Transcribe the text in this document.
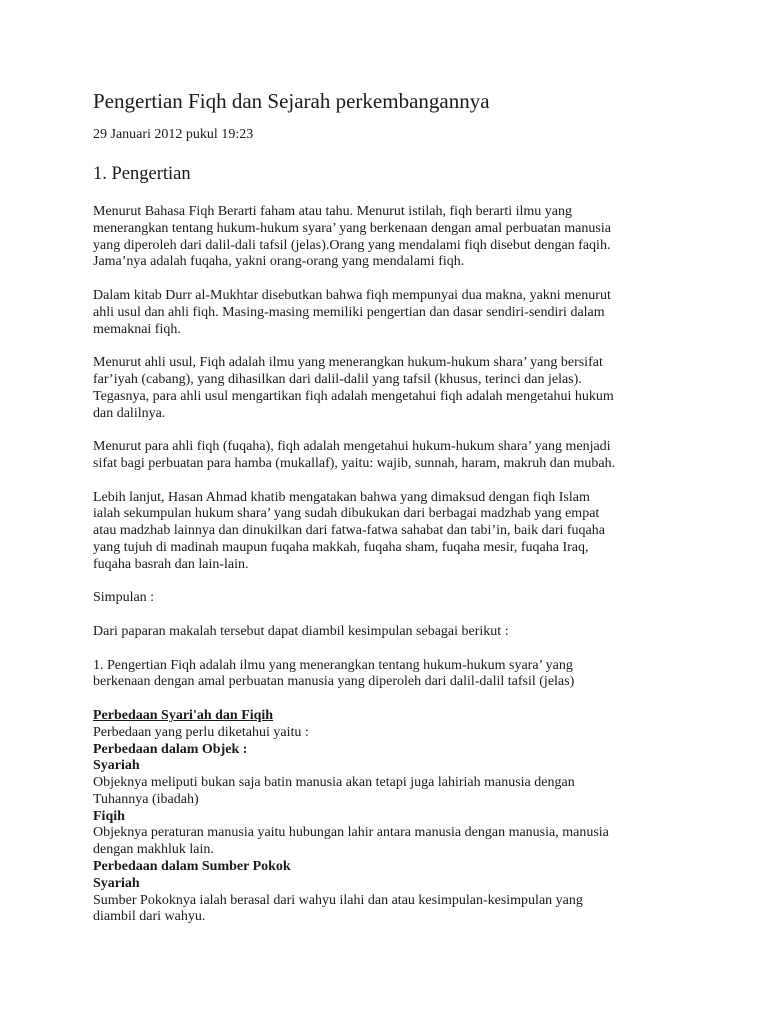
Pengertian Fiqh dan Sejarah perkembangannya

29 Januari 2012 pukul 19:23

1. Pengertian

Menurut Bahasa Fiqh Berarti faham atau tahu. Menurut istilah, fiqh berarti ilmu yang
menerangkan tentang hukum-hukum syara’ yang berkenaan dengan amal perbuatan manusia
yang diperoleh dari dalil-dali tafsil (jelas).Orang yang mendalami fiqh disebut dengan faqih.
Jama’nya adalah fuqaha, yakni orang-orang yang mendalami fiqh.

Dalam kitab Durr al-Mukhtar disebutkan bahwa fiqh mempunyai dua makna, yakni menurut
ahli usul dan ahli fiqh. Masing-masing memiliki pengertian dan dasar sendiri-sendiri dalam
memaknai fiqh.

Menurut ahli usul, Fiqh adalah ilmu yang menerangkan hukum-hukum shara’ yang bersifat
far’iyah (cabang), yang dihasilkan dari dalil-dalil yang tafsil (khusus, terinci dan jelas).
Tegasnya, para ahli usul mengartikan fiqh adalah mengetahui fiqh adalah mengetahui hukum
dan dalilnya.

Menurut para ahli fiqh (fuqaha), fiqh adalah mengetahui hukum-hukum shara’ yang menjadi
sifat bagi perbuatan para hamba (mukallaf), yaitu: wajib, sunnah, haram, makruh dan mubah.

Lebih lanjut, Hasan Ahmad khatib mengatakan bahwa yang dimaksud dengan fiqh Islam
ialah sekumpulan hukum shara’ yang sudah dibukukan dari berbagai madzhab yang empat
atau madzhab lainnya dan dinukilkan dari fatwa-fatwa sahabat dan tabi’in, baik dari fuqaha
yang tujuh di madinah maupun fuqaha makkah, fuqaha sham, fuqaha mesir, fuqaha Iraq,
fuqaha basrah dan lain-lain.

Simpulan :

Dari paparan makalah tersebut dapat diambil kesimpulan sebagai berikut :

1. Pengertian Fiqh adalah ilmu yang menerangkan tentang hukum-hukum syara’ yang
berkenaan dengan amal perbuatan manusia yang diperoleh dari dalil-dalil tafsil (jelas)

Perbedaan Syari'ah dan Fiqih

Perbedaan yang perlu diketahui yaitu :

Perbedaan dalam Objek :

Syariah

Objeknya meliputi bukan saja batin manusia akan tetapi juga lahiriah manusia dengan
Tuhannya (ibadah)

Fiqih

Objeknya peraturan manusia yaitu hubungan lahir antara manusia dengan manusia, manusia
dengan makhluk lain.

Perbedaan dalam Sumber Pokok

Syariah

Sumber Pokoknya ialah berasal dari wahyu ilahi dan atau kesimpulan-kesimpulan yang
diambil dari wahyu.
